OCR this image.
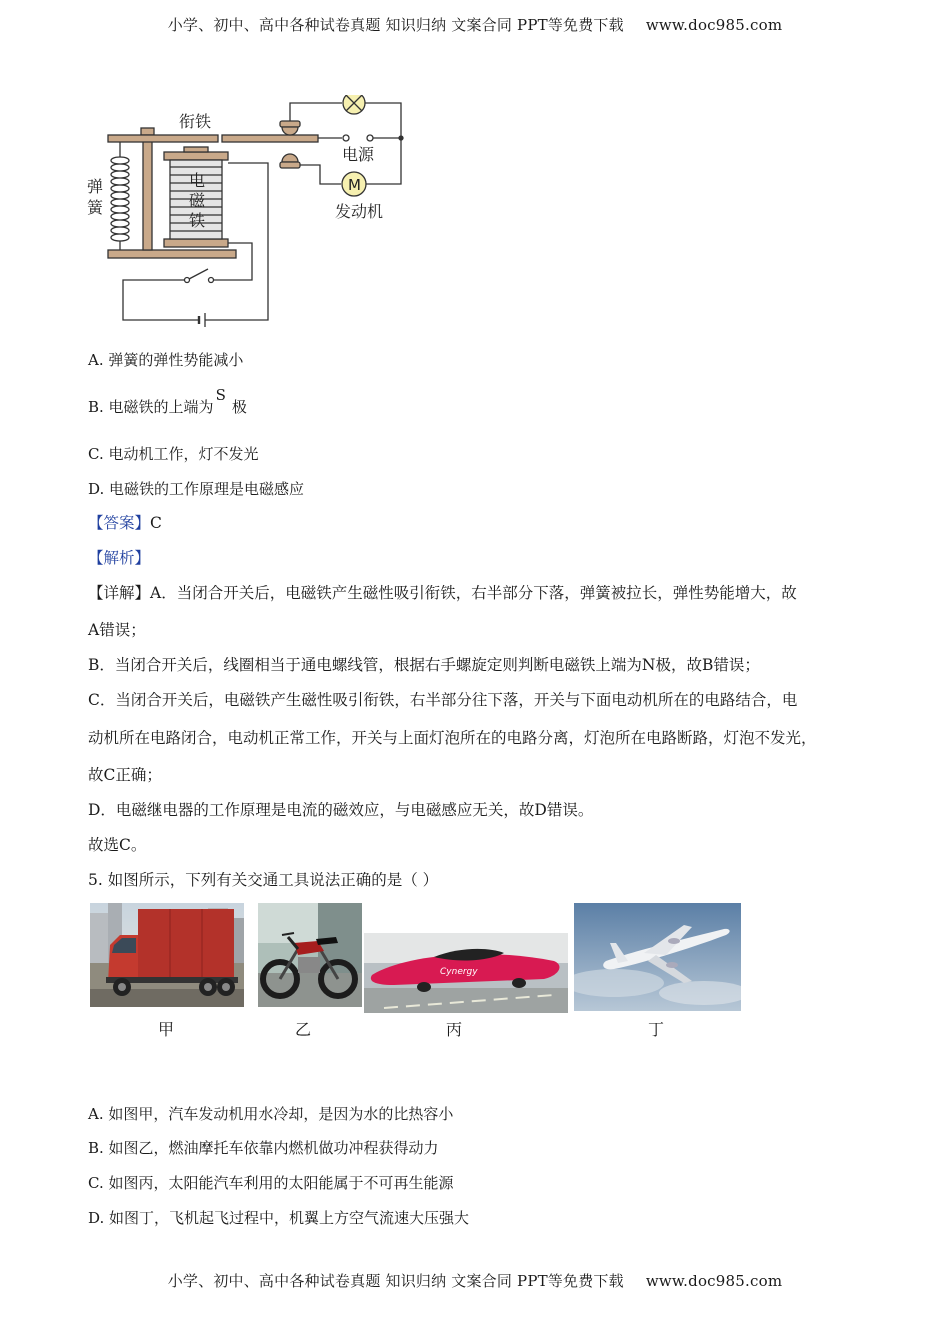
小学、初中、高中各种试卷真题 知识归纳 文案合同 PPT等免费下载 www.doc985.com
衔铁
电源
M
发动机
弹
簧
电
磁
铁
A. 弹簧的弹性势能减小
B. 电磁铁的上端为S极
C. 电动机工作，灯不发光
D. 电磁铁的工作原理是电磁感应
【答案】C
【解析】
【详解】A．当闭合开关后，电磁铁产生磁性吸引衔铁，右半部分下落，弹簧被拉长，弹性势能增大，故
A错误；
B．当闭合开关后，线圈相当于通电螺线管，根据右手螺旋定则判断电磁铁上端为N极，故B错误；
C．当闭合开关后，电磁铁产生磁性吸引衔铁，右半部分往下落，开关与下面电动机所在的电路结合，电
动机所在电路闭合，电动机正常工作，开关与上面灯泡所在的电路分离，灯泡所在电路断路，灯泡不发光，
故C正确；
D．电磁继电器的工作原理是电流的磁效应，与电磁感应无关，故D错误。
故选C。
5. 如图所示，下列有关交通工具说法正确的是（ ）
Cynergy
甲	乙	丙	丁
A. 如图甲，汽车发动机用水冷却，是因为水的比热容小
B. 如图乙，燃油摩托车依靠内燃机做功冲程获得动力
C. 如图丙，太阳能汽车利用的太阳能属于不可再生能源
D. 如图丁，飞机起飞过程中，机翼上方空气流速大压强大
小学、初中、高中各种试卷真题 知识归纳 文案合同 PPT等免费下载 www.doc985.com
